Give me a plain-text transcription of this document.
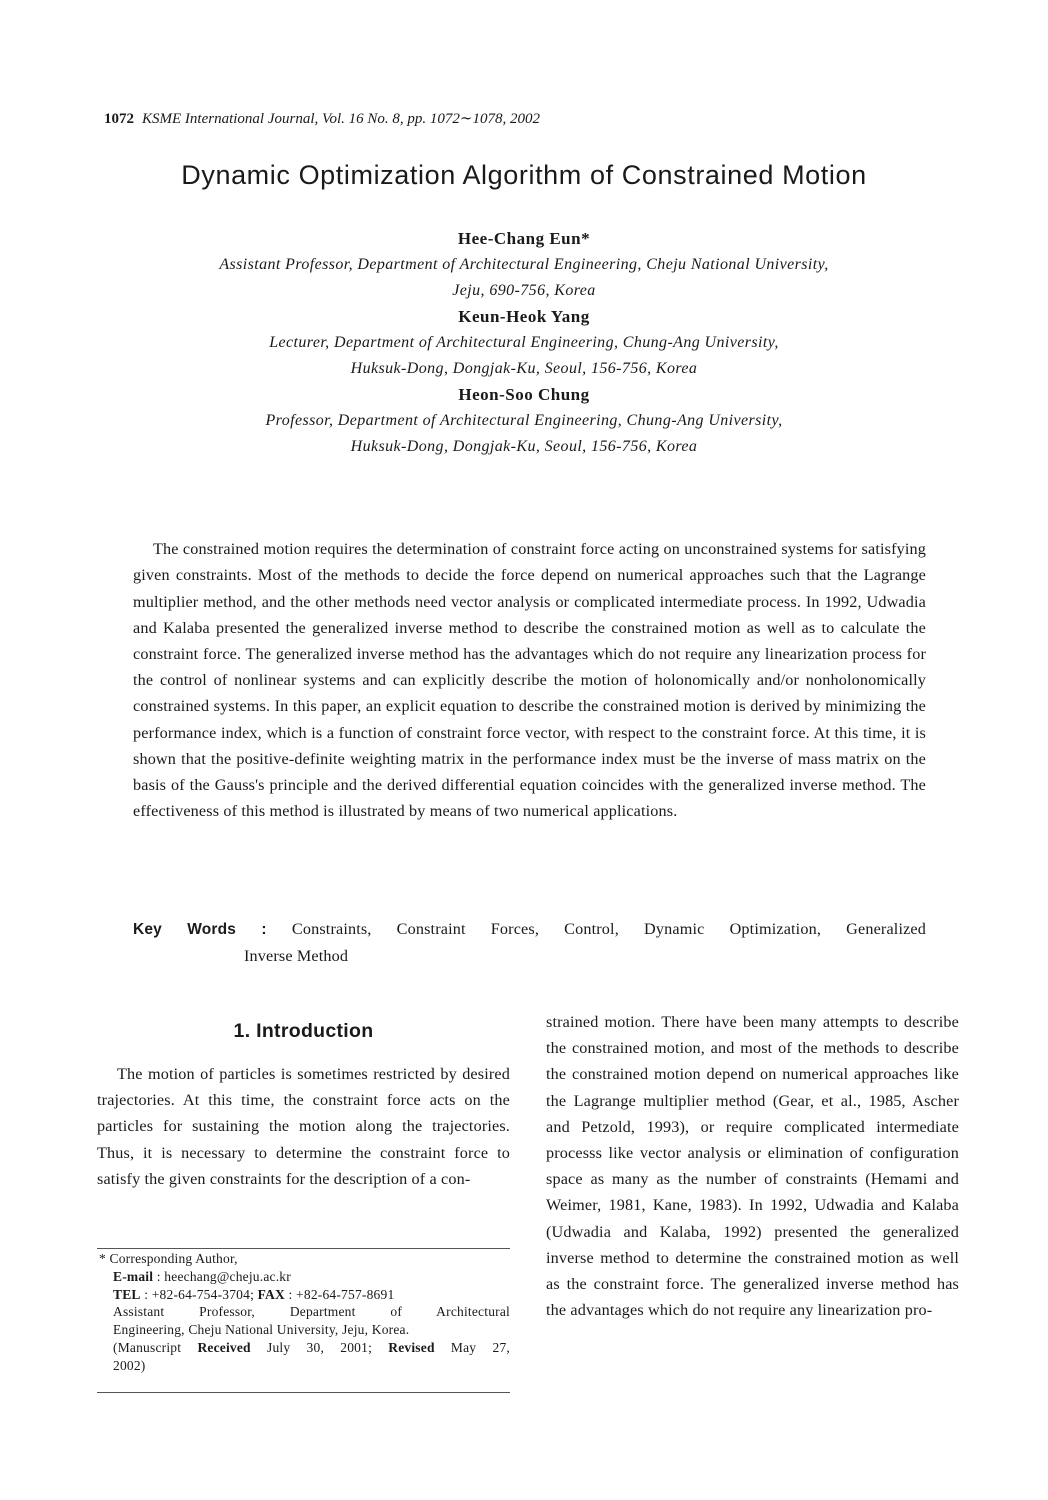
1072 KSME International Journal, Vol. 16 No. 8, pp. 1072∼1078, 2002
Dynamic Optimization Algorithm of Constrained Motion
Hee-Chang Eun*
Assistant Professor, Department of Architectural Engineering, Cheju National University,
Jeju, 690-756, Korea
Keun-Heok Yang
Lecturer, Department of Architectural Engineering, Chung-Ang University,
Huksuk-Dong, Dongjak-Ku, Seoul, 156-756, Korea
Heon-Soo Chung
Professor, Department of Architectural Engineering, Chung-Ang University,
Huksuk-Dong, Dongjak-Ku, Seoul, 156-756, Korea

The constrained motion requires the determination of constraint force acting on unconstrained systems for satisfying given constraints. Most of the methods to decide the force depend on numerical approaches such that the Lagrange multiplier method, and the other methods need vector analysis or complicated intermediate process. In 1992, Udwadia and Kalaba presented the generalized inverse method to describe the constrained motion as well as to calculate the constraint force. The generalized inverse method has the advantages which do not require any linearization process for the control of nonlinear systems and can explicitly describe the motion of holonomically and/or nonholonomically constrained systems. In this paper, an explicit equation to describe the constrained motion is derived by minimizing the performance index, which is a function of constraint force vector, with respect to the constraint force. At this time, it is shown that the positive-definite weighting matrix in the performance index must be the inverse of mass matrix on the basis of the Gauss's principle and the derived differential equation coincides with the generalized inverse method. The effectiveness of this method is illustrated by means of two numerical applications.

Key Words : Constraints, Constraint Forces, Control, Dynamic Optimization, Generalized
Inverse Method
1. Introduction

The motion of particles is sometimes restricted by desired trajectories. At this time, the constraint force acts on the particles for sustaining the motion along the trajectories. Thus, it is necessary to determine the constraint force to satisfy the given constraints for the description of a con-

* Corresponding Author,
E-mail : heechang@cheju.ac.kr
TEL : +82-64-754-3704; FAX : +82-64-757-8691
Assistant Professor, Department of Architectural
Engineering, Cheju National University, Jeju, Korea.
(Manuscript Received July 30, 2001; Revised May 27,
2002)

strained motion. There have been many attempts to describe the constrained motion, and most of the methods to describe the constrained motion depend on numerical approaches like the Lagrange multiplier method (Gear, et al., 1985, Ascher and Petzold, 1993), or require complicated intermediate processs like vector analysis or elimination of configuration space as many as the number of constraints (Hemami and Weimer, 1981, Kane, 1983). In 1992, Udwadia and Kalaba (Udwadia and Kalaba, 1992) presented the generalized inverse method to determine the constrained motion as well as the constraint force. The generalized inverse method has the advantages which do not require any linearization pro-
